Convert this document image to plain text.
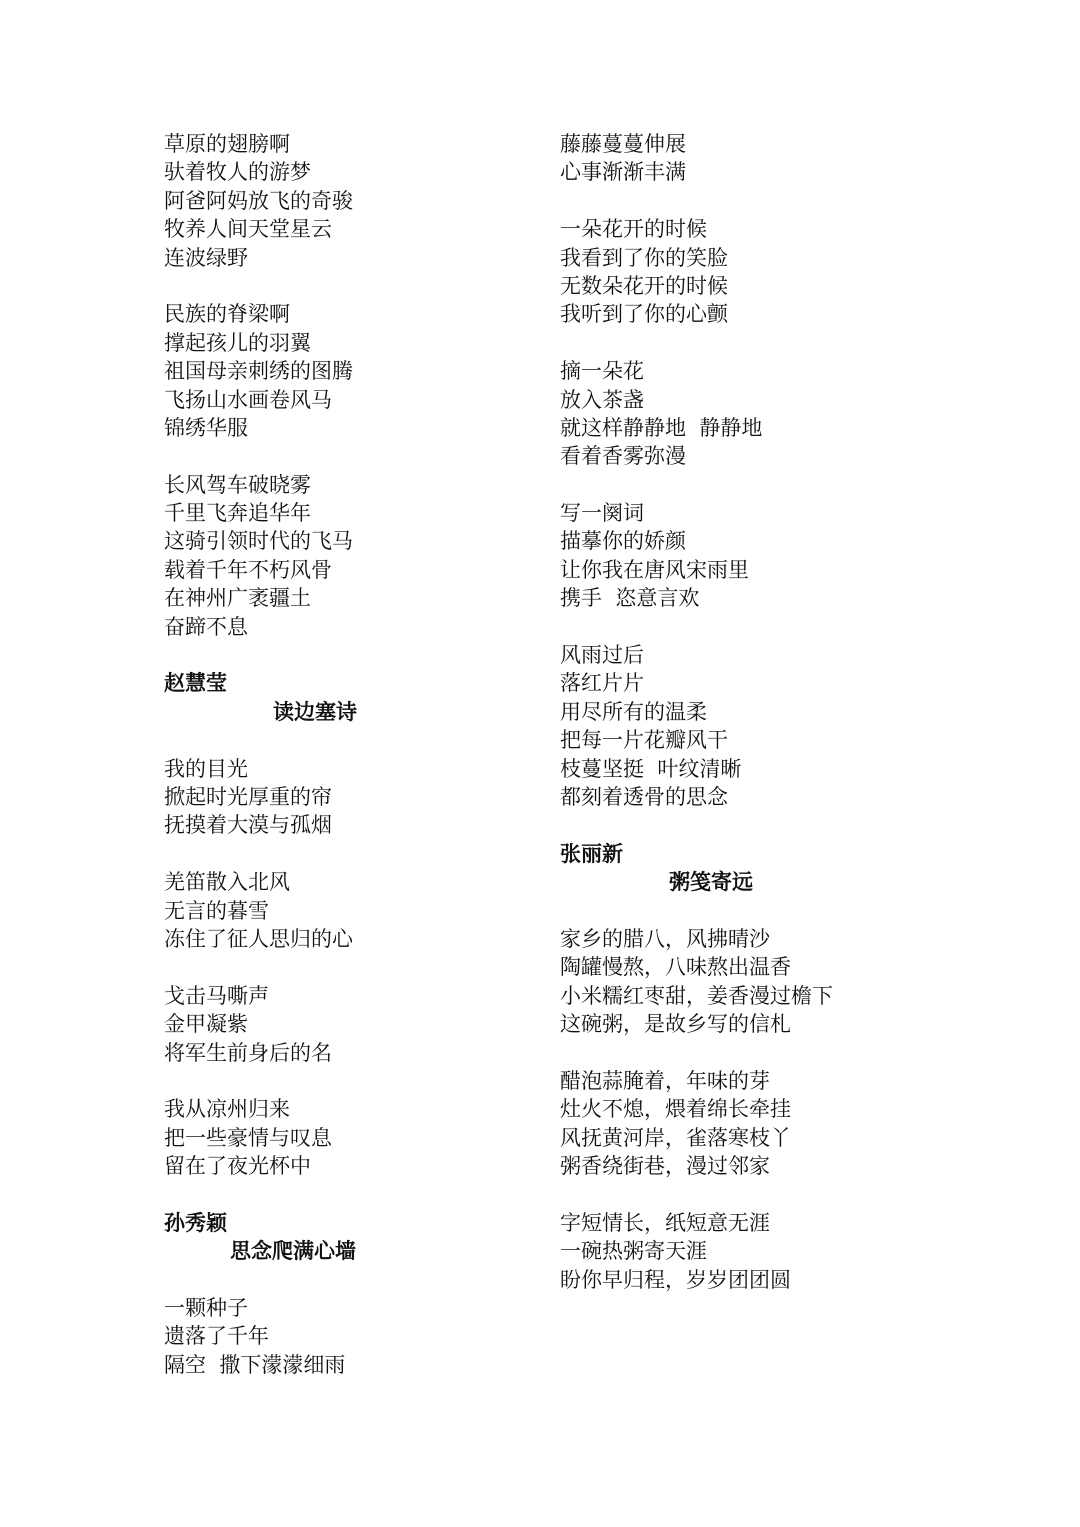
草原的翅膀啊
驮着牧人的游梦
阿爸阿妈放飞的奇骏
牧养人间天堂星云
连波绿野
民族的脊梁啊
撑起孩儿的羽翼
祖国母亲刺绣的图腾
飞扬山水画卷风马
锦绣华服
长风驾车破晓雾
千里飞奔追华年
这骑引领时代的飞马
载着千年不朽风骨
在神州广袤疆土
奋蹄不息
赵慧莹
读边塞诗
我的目光
掀起时光厚重的帘
抚摸着大漠与孤烟
羌笛散入北风
无言的暮雪
冻住了征人思归的心
戈击马嘶声
金甲凝紫
将军生前身后的名
我从凉州归来
把一些豪情与叹息
留在了夜光杯中
孙秀颖
思念爬满心墙
一颗种子
遗落了千年
隔空  撒下濛濛细雨
藤藤蔓蔓伸展
心事渐渐丰满
一朵花开的时候
我看到了你的笑脸
无数朵花开的时候
我听到了你的心颤
摘一朵花
放入茶盏
就这样静静地  静静地
看着香雾弥漫
写一阕词
描摹你的娇颜
让你我在唐风宋雨里
携手  恣意言欢
风雨过后
落红片片
用尽所有的温柔
把每一片花瓣风干
枝蔓坚挺  叶纹清晰
都刻着透骨的思念
张丽新
粥笺寄远
家乡的腊八，风拂晴沙
陶罐慢熬，八味熬出温香
小米糯红枣甜，姜香漫过檐下
这碗粥，是故乡写的信札
醋泡蒜腌着，年味的芽
灶火不熄，煨着绵长牵挂
风抚黄河岸，雀落寒枝丫
粥香绕街巷，漫过邻家
字短情长，纸短意无涯
一碗热粥寄天涯
盼你早归程，岁岁团团圆
